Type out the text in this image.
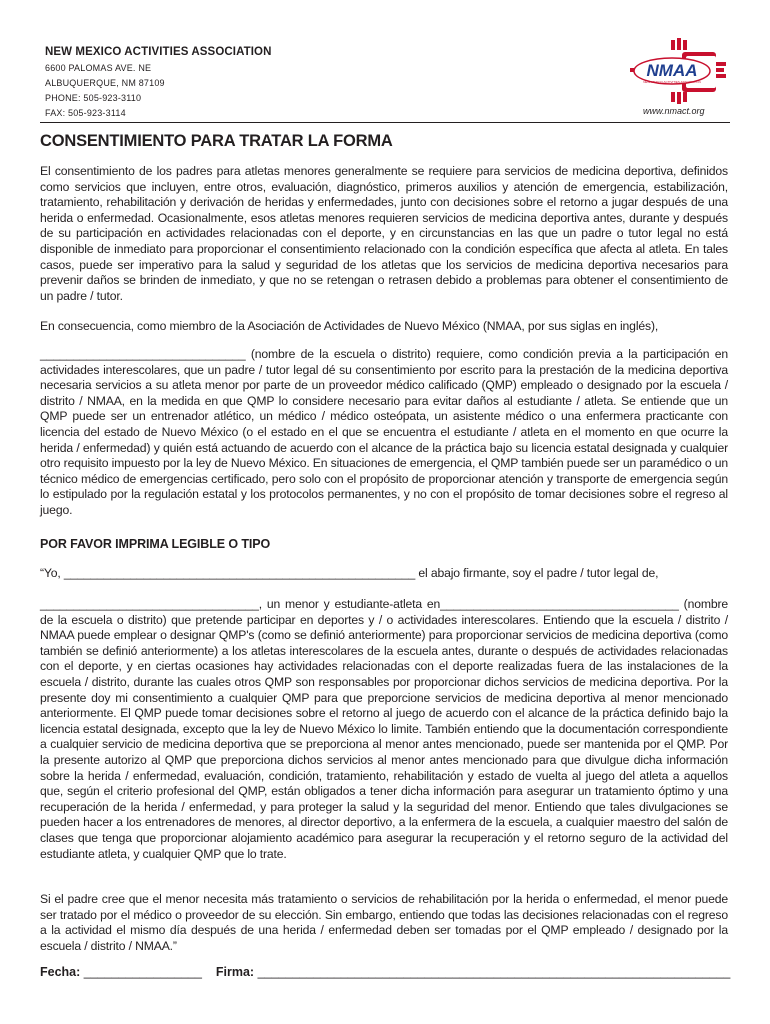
NEW MEXICO ACTIVITIES ASSOCIATION
6600 PALOMAS AVE. NE
ALBUQUERQUE, NM 87109
PHONE: 505-923-3110
FAX: 505-923-3114
NMAA
NEW MEXICO ACTIVITIES ASSOCIATION
www.nmact.org
CONSENTIMIENTO PARA TRATAR LA FORMA

El consentimiento de los padres para atletas menores generalmente se requiere para servicios de medicina deportiva, definidos como servicios que incluyen, entre otros, evaluación, diagnóstico, primeros auxilios y atención de emergencia, estabilización, tratamiento, rehabilitación y derivación de heridas y enfermedades, junto con decisiones sobre el retorno a jugar después de una herida o enfermedad. Ocasionalmente, esos atletas menores requieren servicios de medicina deportiva antes, durante y después de su participación en actividades relacionadas con el deporte, y en circunstancias en las que un padre o tutor legal no está disponible de inmediato para proporcionar el consentimiento relacionado con la condición específica que afecta al atleta. En tales casos, puede ser imperativo para la salud y seguridad de los atletas que los servicios de medicina deportiva necesarios para prevenir daños se brinden de inmediato, y que no se retengan o retrasen debido a problemas para obtener el consentimiento de un padre / tutor.

En consecuencia, como miembro de la Asociación de Actividades de Nuevo México (NMAA, por sus siglas en inglés),

_______________________________ (nombre de la escuela o distrito) requiere, como condición previa a la participación en actividades interescolares, que un padre / tutor legal dé su consentimiento por escrito para la prestación de la medicina deportiva necesaria servicios a su atleta menor por parte de un proveedor médico calificado (QMP) empleado o designado por la escuela / distrito / NMAA, en la medida en que QMP lo considere necesario para evitar daños al estudiante / atleta. Se entiende que un QMP puede ser un entrenador atlético, un médico / médico osteópata, un asistente médico o una enfermera practicante con licencia del estado de Nuevo México (o el estado en el que se encuentra el estudiante / atleta en el momento en que ocurre la herida / enfermedad) y quién está actuando de acuerdo con el alcance de la práctica bajo su licencia estatal designada y cualquier otro requisito impuesto por la ley de Nuevo México. En situaciones de emergencia, el QMP también puede ser un paramédico o un técnico médico de emergencias certificado, pero solo con el propósito de proporcionar atención y transporte de emergencia según lo estipulado por la regulación estatal y los protocolos permanentes, y no con el propósito de tomar decisiones sobre el regreso al juego.

POR FAVOR IMPRIMA LEGIBLE O TIPO

“Yo, _____________________________________________________ el abajo firmante, soy el padre / tutor legal de,

_________________________________, un menor y estudiante-atleta en____________________________________ (nombre de la escuela o distrito) que pretende participar en deportes y / o actividades interescolares. Entiendo que la escuela / distrito / NMAA puede emplear o designar QMP's (como se definió anteriormente) para proporcionar servicios de medicina deportiva (como también se definió anteriormente) a los atletas interescolares de la escuela antes, durante o después de actividades relacionadas con el deporte, y en ciertas ocasiones hay actividades relacionadas con el deporte realizadas fuera de las instalaciones de la escuela / distrito, durante las cuales otros QMP son responsables por proporcionar dichos servicios de medicina deportiva. Por la presente doy mi consentimiento a cualquier QMP para que preporcione servicios de medicina deportiva al menor mencionado anteriormente. El QMP puede tomar decisiones sobre el retorno al juego de acuerdo con el alcance de la práctica definido bajo la licencia estatal designada, excepto que la ley de Nuevo México lo limite. También entiendo que la documentación correspondiente a cualquier servicio de medicina deportiva que se preporciona al menor antes mencionado, puede ser mantenida por el QMP. Por la presente autorizo al QMP que preporciona dichos servicios al menor antes mencionado para que divulgue dicha información sobre la herida / enfermedad, evaluación, condición, tratamiento, rehabilitación y estado de vuelta al juego del atleta a aquellos que, según el criterio profesional del QMP, están obligados a tener dicha información para asegurar un tratamiento óptimo y una recuperación de la herida / enfermedad, y para proteger la salud y la seguridad del menor. Entiendo que tales divulgaciones se pueden hacer a los entrenadores de menores, al director deportivo, a la enfermera de la escuela, a cualquier maestro del salón de clases que tenga que proporcionar alojamiento académico para asegurar la recuperación y el retorno seguro de la actividad del estudiante atleta, y cualquier QMP que lo trate.

Si el padre cree que el menor necesita más tratamiento o servicios de rehabilitación por la herida o enfermedad, el menor puede ser tratado por el médico o proveedor de su elección. Sin embargo, entiendo que todas las decisiones relacionadas con el regreso a la actividad el mismo día después de una herida / enfermedad deben ser tomadas por el QMP empleado / designado por la escuela / distrito / NMAA.”

Fecha: _________________ Firma: ____________________________________________________________________
